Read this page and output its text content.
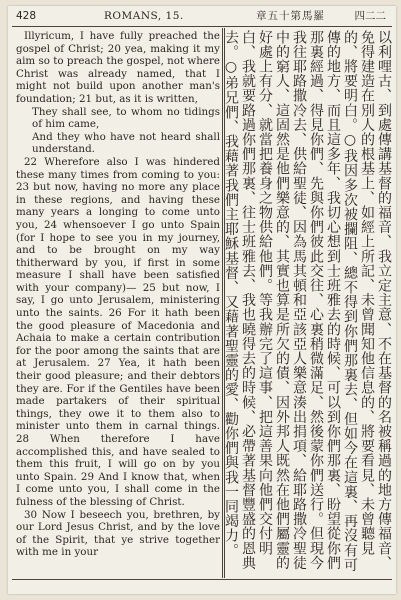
428	ROMANS, 15.	章五十第馬羅	四二二

Illyricum, I have fully preached the gospel of Christ; 20 yea, making it my aim so to preach the gospel, not where Christ was already named, that I might not build upon another man's foundation; 21 but, as it is written,

They shall see, to whom no tidings of him came,

And they who have not heard shall understand.

22 Wherefore also I was hindered these many times from coming to you: 23 but now, having no more any place in these regions, and having these many years a longing to come unto you, 24 whensoever I go unto Spain (for I hope to see you in my journey, and to be brought on my way thitherward by you, if first in some measure I shall have been satisfied with your company)— 25 but now, I say, I go unto Jerusalem, ministering unto the saints. 26 For it hath been the good pleasure of Macedonia and Achaia to make a certain contribution for the poor among the saints that are at Jerusalem. 27 Yea, it hath been their good pleasure; and their debtors they are. For if the Gentiles have been made partakers of their spiritual things, they owe it to them also to minister unto them in carnal things. 28 When therefore I have accomplished this, and have sealed to them this fruit, I will go on by you unto Spain. 29 And I know that, when I come unto you, I shall come in the fulness of the blessing of Christ.

30 Now I beseech you, brethren, by our Lord Jesus Christ, and by the love of the Spirit, that ye strive together with me in your	以利哩古、到處傳講基督的福音、我立定主意、不在基督的名被稱過的地方傳福音、免得建造在別人的根基上、如經上所記、未曾聞知他信息的、將要看見、未曾聽見的、將要明白。○我因多次被攔阻、總不得到你們那裏去、但如今在這裏、再沒有可傳的地方、而且這多年、我切心想到士班雅去的時候、可以到你們那裏、盼望從你們那裏經過、得見你們、先與你們彼此交往、心裏稍微滿足、然後蒙你們送行。但現今我往耶路撒冷去、供給聖徒、因為馬其頓和亞該亞人樂意湊出捐項、給耶路撒冷聖徒中的窮人、這固然是他們樂意的、其實也算是所欠的債、因外邦人既然在他們屬靈的好處上有分、就當把養身之物供給他們。等我辦完了這事、把這善果向他們交付明白、我就要路過你們那裏、往士班雅去、我也曉得去的時候、必帶著基督豐盛的恩典去。○弟兄們、我藉著我們主耶穌基督、又藉著聖靈的愛、勸你們與我一同竭力。
